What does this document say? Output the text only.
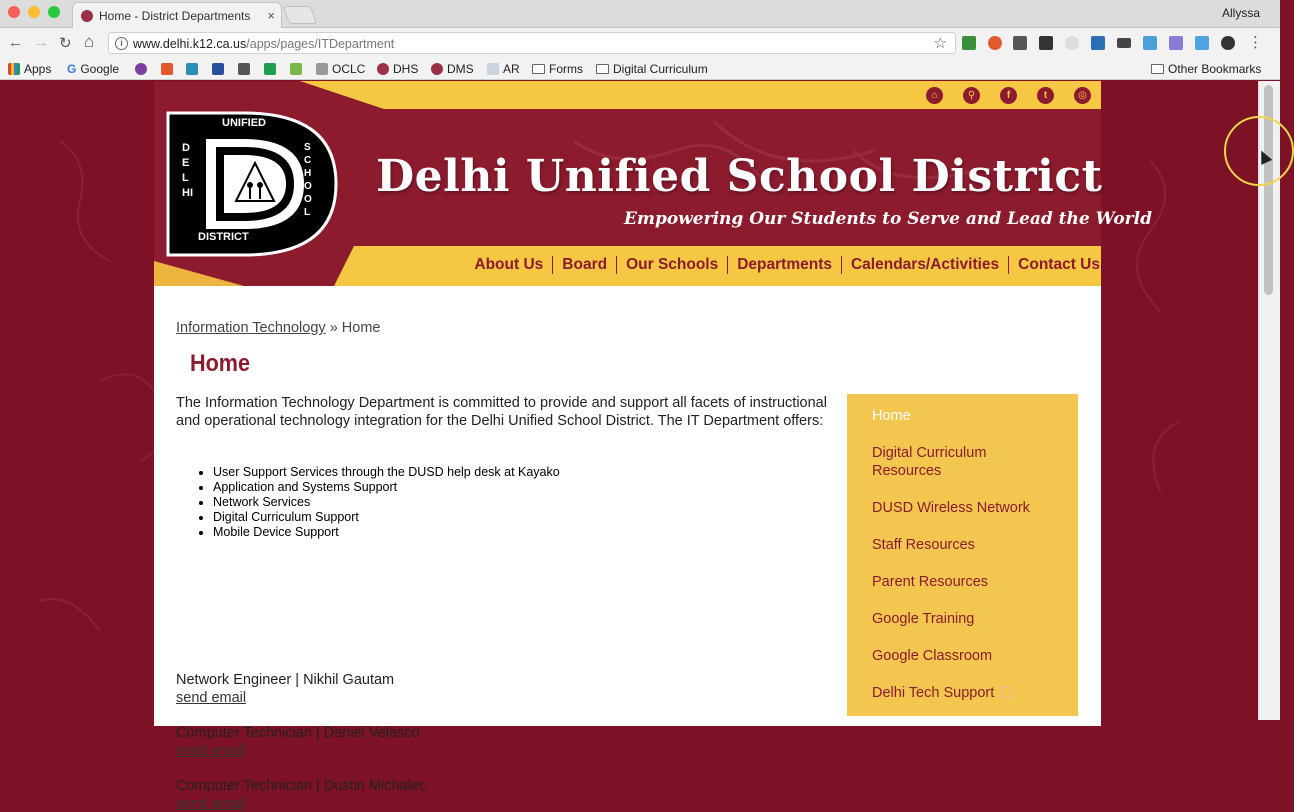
Home - District Departments ×	Allyssa
← → ↻ ⌂	i www.delhi.k12.ca.us/apps/pages/ITDepartment	☆	⋮
Apps G Google	OCLC DHS DMS AR Forms	Digital Curriculum	Other Bookmarks
⌂	⚲	f	t	◎
UNIFIED
DISTRICT
DELHI
SCHOOL
Delhi Unified School District
Empowering Our Students to Serve and Lead the World
About Us Board Our Schools Departments Calendars/Activities Contact Us
Information Technology » Home
Home

The Information Technology Department is committed to provide and support all facets of instructional and operational technology integration for the Delhi Unified School District. The IT Department offers:

• User Support Services through the DUSD help desk at Kayako
• Application and Systems Support
• Network Services
• Digital Curriculum Support
• Mobile Device Support
Network Engineer | Nikhil Gautam
send email
Computer Technician | Daniel Velasco
send email
Computer Technician | Dustin Michalec
send email
Home
Digital Curriculum Resources
DUSD Wireless Network
Staff Resources
Parent Resources
Google Training
Google Classroom
Delhi Tech Support
